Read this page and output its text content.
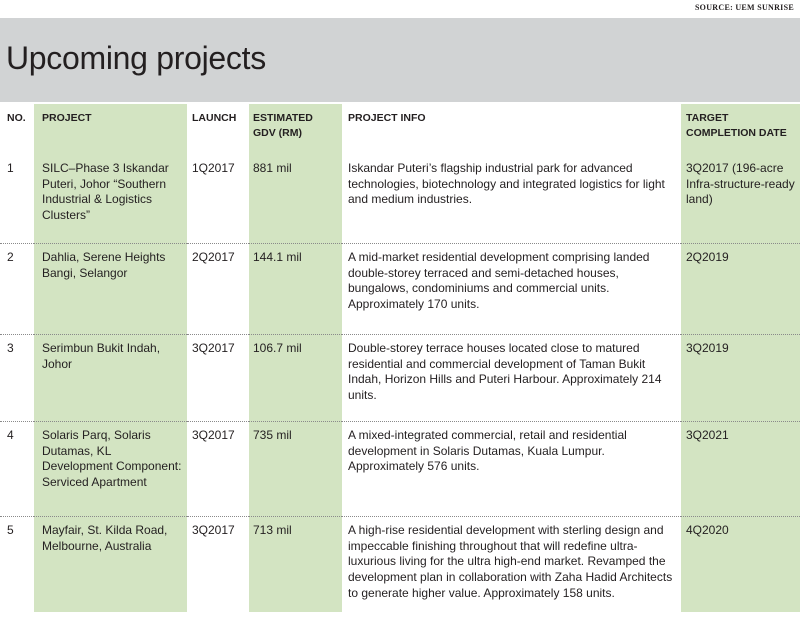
SOURCE: UEM SUNRISE
Upcoming projects
NO.	PROJECT	LAUNCH	ESTIMATED GDV (RM)	PROJECT INFO	TARGET COMPLETION DATE
1	SILC–Phase 3 Iskandar Puteri, Johor “Southern Industrial & Logistics Clusters”	1Q2017	881 mil	Iskandar Puteri’s flagship industrial park for advanced technologies, biotechnology and integrated logistics for light and medium industries.	3Q2017 (196-acre Infra-structure-ready land)
2	Dahlia, Serene Heights Bangi, Selangor	2Q2017	144.1 mil	A mid-market residential development comprising landed double-storey terraced and semi-detached houses, bungalows, condominiums and commercial units. Approximately 170 units.	2Q2019
3	Serimbun Bukit Indah, Johor	3Q2017	106.7 mil	Double-storey terrace houses located close to matured residential and commercial development of Taman Bukit Indah, Horizon Hills and Puteri Harbour. Approximately 214 units.	3Q2019
4	Solaris Parq, Solaris Dutamas, KL Development Component: Serviced Apartment	3Q2017	735 mil	A mixed-integrated commercial, retail and residential development in Solaris Dutamas, Kuala Lumpur. Approximately 576 units.	3Q2021
5	Mayfair, St. Kilda Road, Melbourne, Australia	3Q2017	713 mil	A high-rise residential development with sterling design and impeccable finishing throughout that will redefine ultra-luxurious living for the ultra high-end market. Revamped the development plan in collaboration with Zaha Hadid Architects to generate higher value. Approximately 158 units.	4Q2020
